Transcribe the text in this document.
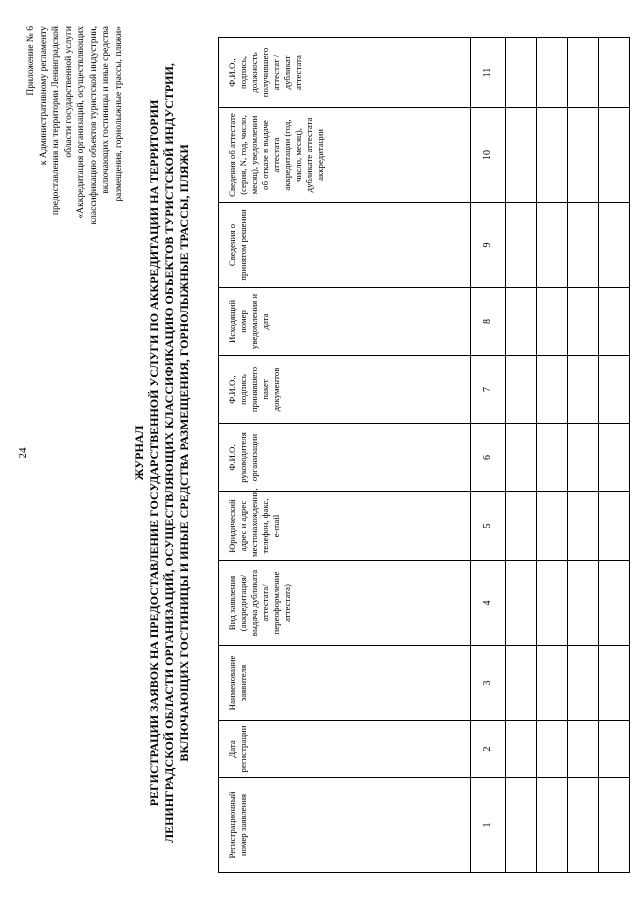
24
Приложение № 6 к Административному регламенту предоставления на территории Ленинградской области государственной услуги «Аккредитация организаций, осуществляющих классификацию объектов туристской индустрии, включающих гостиницы и иные средства размещения, горнолыжные трассы, пляжи»
ЖУРНАЛ РЕГИСТРАЦИИ ЗАЯВОК НА ПРЕДОСТАВЛЕНИЕ ГОСУДАРСТВЕННОЙ УСЛУГИ ПО АККРЕДИТАЦИИ НА ТЕРРИТОРИИ ЛЕНИНГРАДСКОЙ ОБЛАСТИ ОРГАНИЗАЦИЙ, ОСУЩЕСТВЛЯЮЩИХ КЛАССИФИКАЦИЮ ОБЪЕКТОВ ТУРИСТСКОЙ ИНДУСТРИИ, ВКЛЮЧАЮЩИХ ГОСТИНИЦЫ И ИНЫЕ СРЕДСТВА РАЗМЕЩЕНИЯ, ГОРНОЛЫЖНЫЕ ТРАССЫ, ПЛЯЖИ
Регистрационный номер заявления	Дата регистрации	Наименование заявителя	Вид заявления (аккредитация/ выдача дубликата аттестата/ переоформление аттестата)	Юридический адрес и адрес местонахождения, телефон, факс, e-mail	Ф.И.О. руководителя организации	Ф.И.О., подпись принявшего пакет документов	Исходящий номер уведомления и дата	Сведения о принятом решении	Сведения об аттестате (серия, N, год, число, месяц), уведомлении об отказе в выдаче аттестата аккредитации (год, число, месяц), дубликате аттестата аккредитации	Ф.И.О., подпись, должность получившего аттестат / дубликат аттестата
1	2	3	4	5	6	7	8	9	10	11
